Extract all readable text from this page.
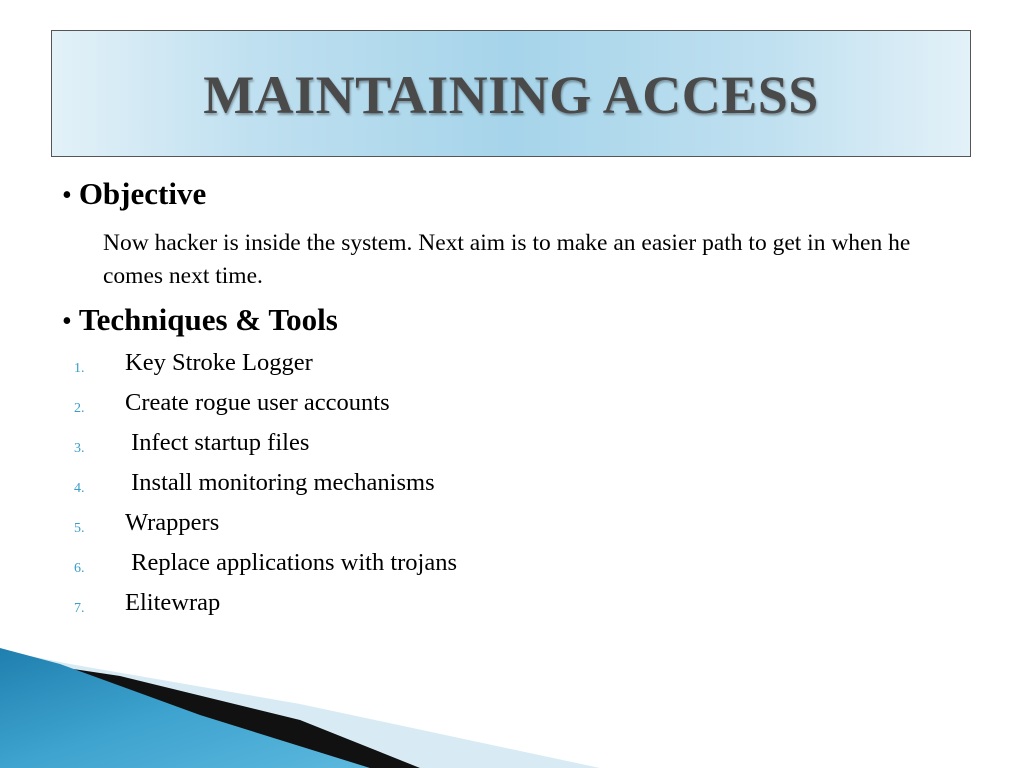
MAINTAINING ACCESS
• Objective
Now hacker is inside the system. Next aim is to make an easier path to get in when he comes next time.
• Techniques & Tools
1. Key Stroke Logger
2. Create rogue user accounts
3. Infect startup files
4. Install monitoring mechanisms
5. Wrappers
6. Replace applications with trojans
7. Elitewrap
